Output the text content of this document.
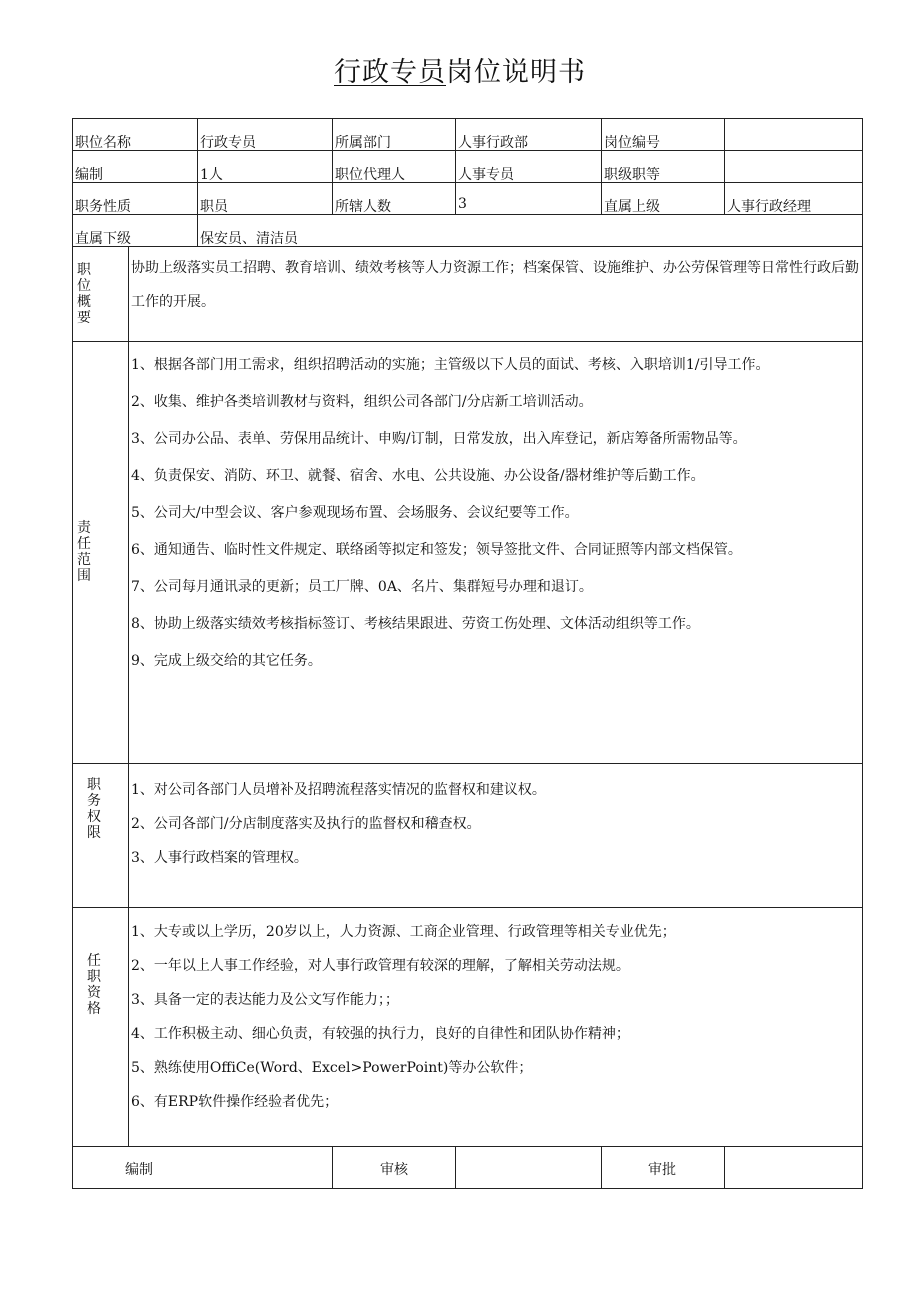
行政专员岗位说明书
职位名称	行政专员	所属部门	人事行政部	岗位编号
编制	1人	职位代理人	人事专员	职级职等
职务性质	职员	所辖人数	3	直属上级	人事行政经理
直属下级	保安员、清洁员
职
位
概
要
协助上级落实员工招聘、教育培训、绩效考核等人力资源工作；档案保管、设施维护、办公劳保管理等日常性行政后勤工作的开展。
责
任
范
围
1、根据各部门用工需求，组织招聘活动的实施；主管级以下人员的面试、考核、入职培训1/引导工作。
2、收集、维护各类培训教材与资料，组织公司各部门/分店新工培训活动。
3、公司办公品、表单、劳保用品统计、申购/订制，日常发放，出入库登记，新店筹备所需物品等。
4、负责保安、消防、环卫、就餐、宿舍、水电、公共设施、办公设备/器材维护等后勤工作。
5、公司大/中型会议、客户参观现场布置、会场服务、会议纪要等工作。
6、通知通告、临时性文件规定、联络函等拟定和签发；领导签批文件、合同证照等内部文档保管。
7、公司每月通讯录的更新；员工厂牌、0A、名片、集群短号办理和退订。
8、协助上级落实绩效考核指标签订、考核结果跟进、劳资工伤处理、文体活动组织等工作。
9、完成上级交给的其它任务。
职
务
权
限
1、对公司各部门人员增补及招聘流程落实情况的监督权和建议权。
2、公司各部门/分店制度落实及执行的监督权和稽查权。
3、人事行政档案的管理权。
任
职
资
格
1、大专或以上学历，20岁以上，人力资源、工商企业管理、行政管理等相关专业优先；
2、一年以上人事工作经验，对人事行政管理有较深的理解，了解相关劳动法规。
3、具备一定的表达能力及公文写作能力；；
4、工作积极主动、细心负责，有较强的执行力，良好的自律性和团队协作精神；
5、熟练使用OffiCe(Word、Excel>PowerPoint)等办公软件；
6、有ERP软件操作经验者优先；
编制	审核	审批
